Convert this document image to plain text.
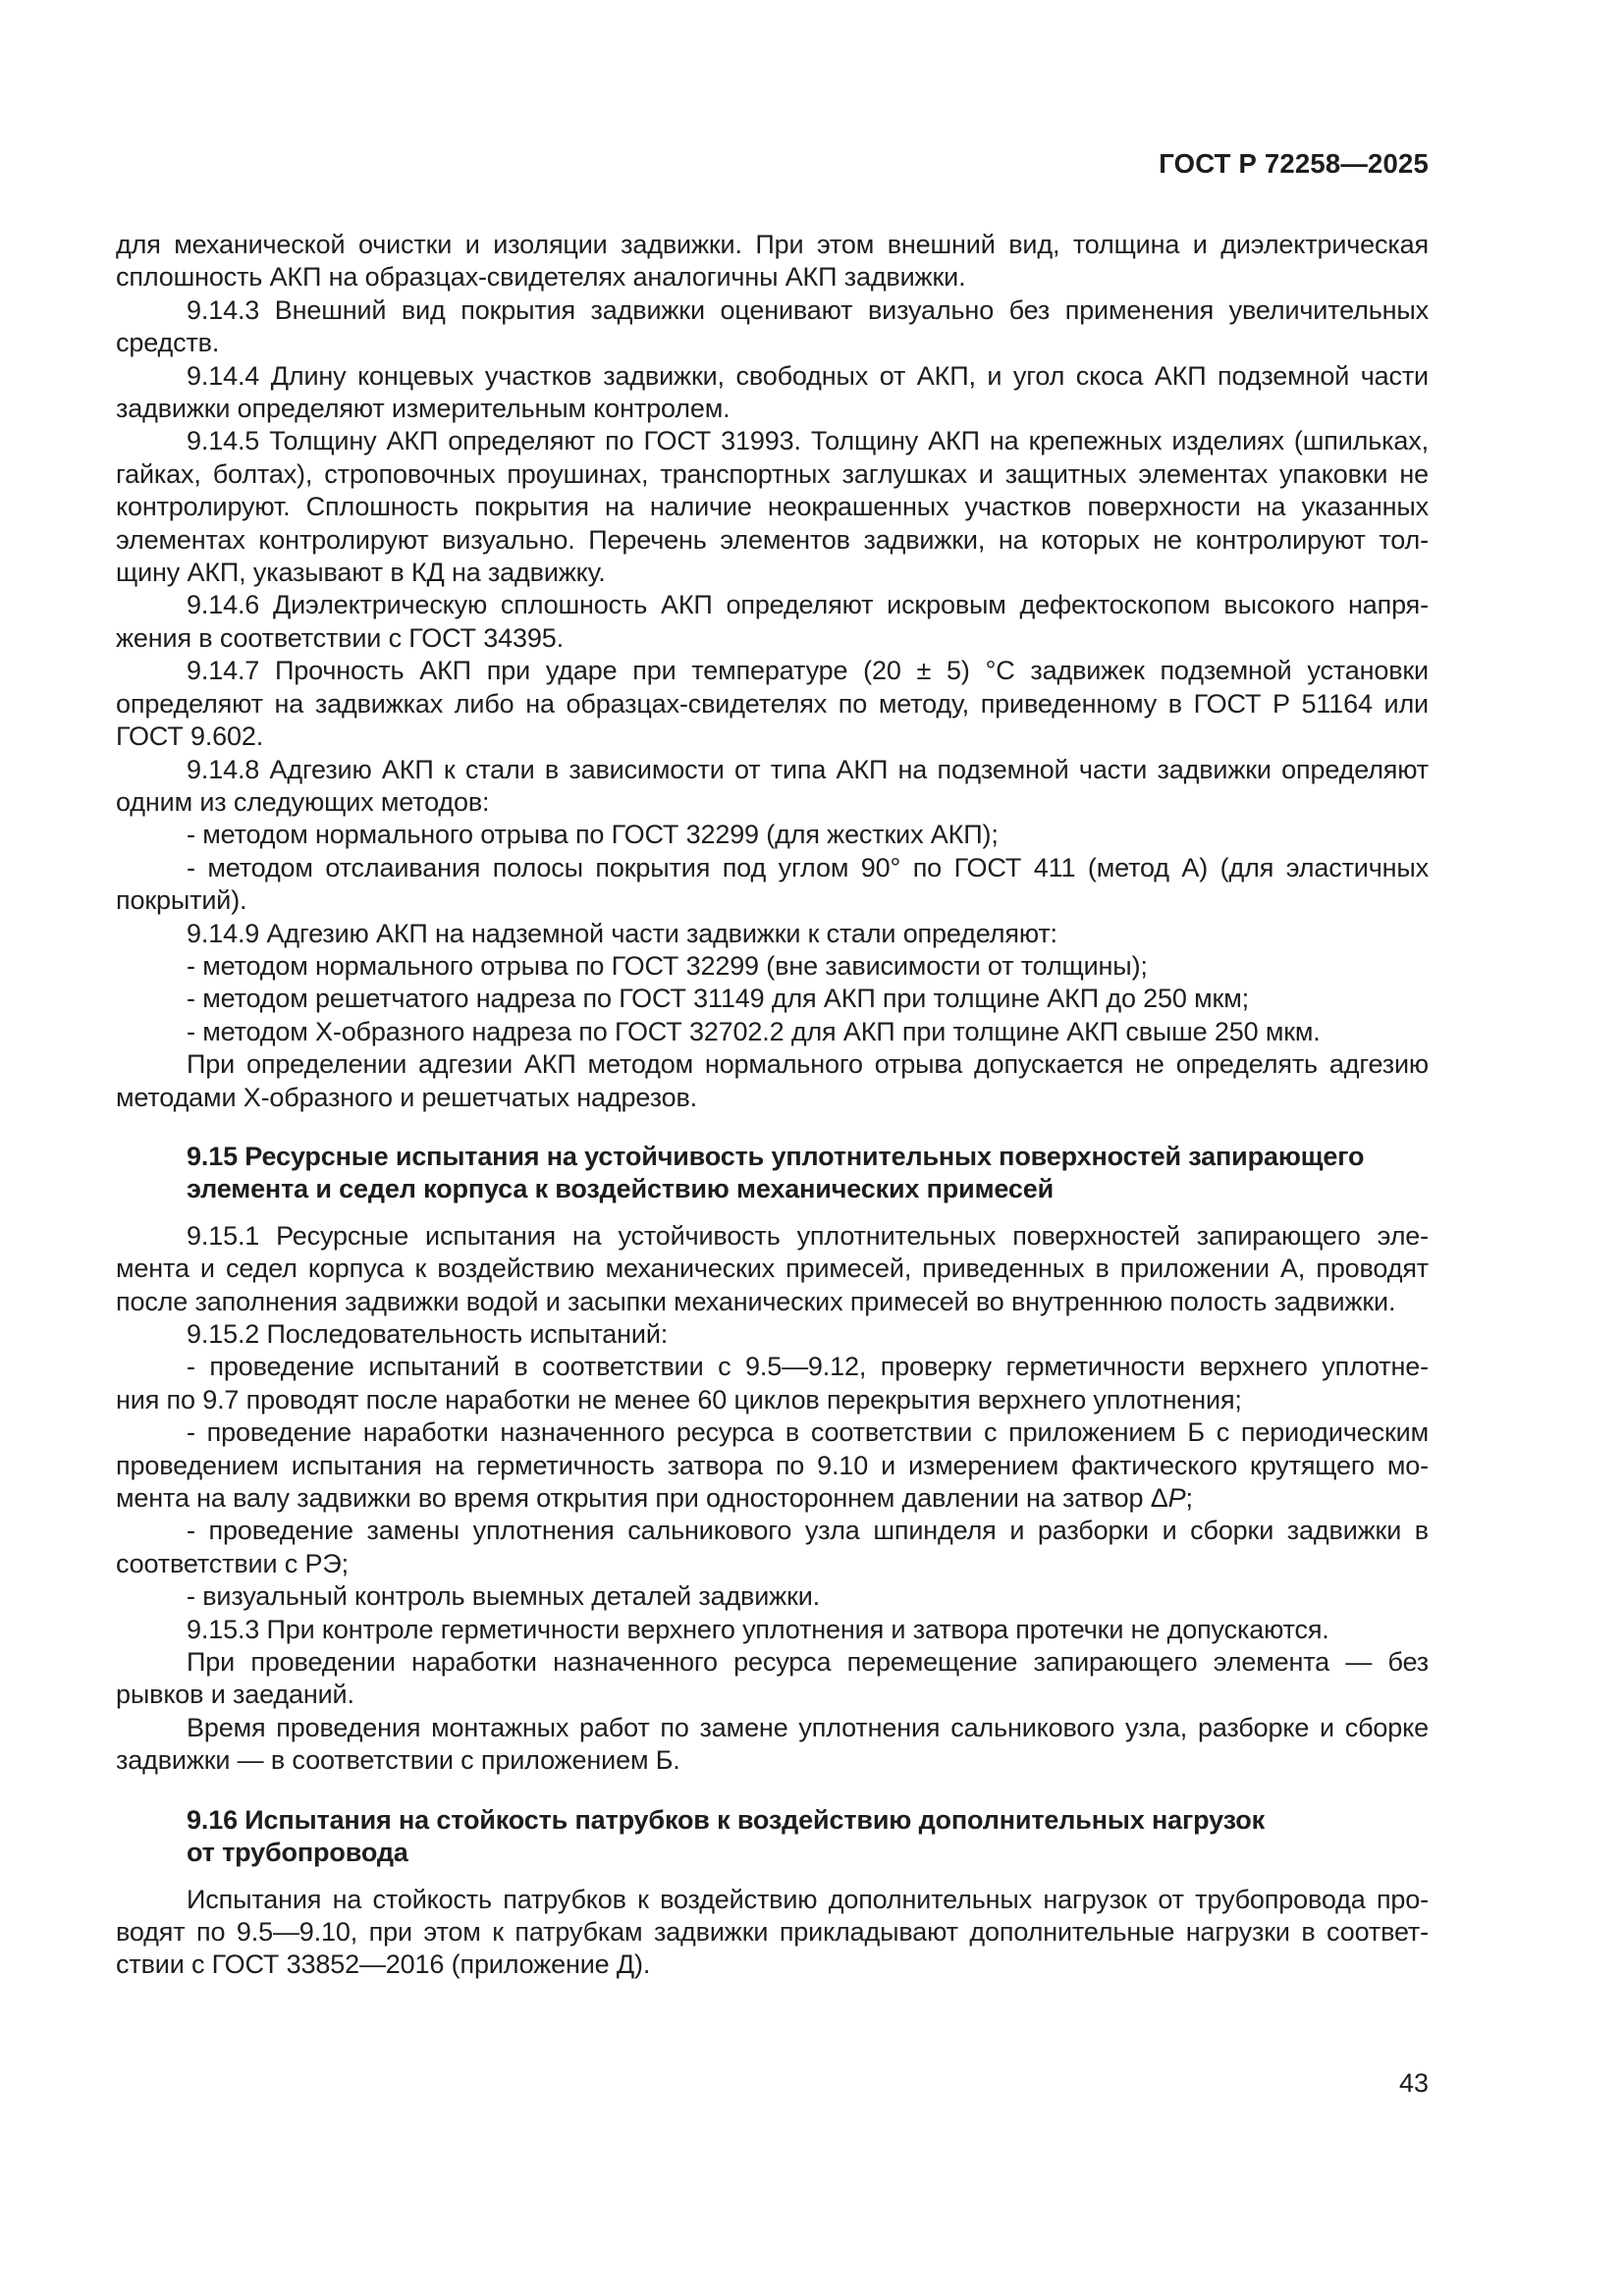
ГОСТ Р 72258—2025
для механической очистки и изоляции задвижки. При этом внешний вид, толщина и диэлектрическая
сплошность АКП на образцах-свидетелях аналогичны АКП задвижки.
9.14.3 Внешний вид покрытия задвижки оценивают визуально без применения увеличительных
средств.
9.14.4 Длину концевых участков задвижки, свободных от АКП, и угол скоса АКП подземной части
задвижки определяют измерительным контролем.
9.14.5 Толщину АКП определяют по ГОСТ 31993. Толщину АКП на крепежных изделиях (шпильках,
гайках, болтах), строповочных проушинах, транспортных заглушках и защитных элементах упаковки не
контролируют. Сплошность покрытия на наличие неокрашенных участков поверхности на указанных
элементах контролируют визуально. Перечень элементов задвижки, на которых не контролируют тол-
щину АКП, указывают в КД на задвижку.
9.14.6 Диэлектрическую сплошность АКП определяют искровым дефектоскопом высокого напря-
жения в соответствии с ГОСТ 34395.
9.14.7 Прочность АКП при ударе при температуре (20 ± 5) °С задвижек подземной установки
определяют на задвижках либо на образцах-свидетелях по методу, приведенному в ГОСТ Р 51164 или
ГОСТ 9.602.
9.14.8 Адгезию АКП к стали в зависимости от типа АКП на подземной части задвижки определяют
одним из следующих методов:
- методом нормального отрыва по ГОСТ 32299 (для жестких АКП);
- методом отслаивания полосы покрытия под углом 90° по ГОСТ 411 (метод А) (для эластичных
покрытий).
9.14.9 Адгезию АКП на надземной части задвижки к стали определяют:
- методом нормального отрыва по ГОСТ 32299 (вне зависимости от толщины);
- методом решетчатого надреза по ГОСТ 31149 для АКП при толщине АКП до 250 мкм;
- методом Х-образного надреза по ГОСТ 32702.2 для АКП при толщине АКП свыше 250 мкм.
При определении адгезии АКП методом нормального отрыва допускается не определять адгезию
методами Х-образного и решетчатых надрезов.
9.15 Ресурсные испытания на устойчивость уплотнительных поверхностей запирающего
элемента и седел корпуса к воздействию механических примесей
9.15.1 Ресурсные испытания на устойчивость уплотнительных поверхностей запирающего эле-
мента и седел корпуса к воздействию механических примесей, приведенных в приложении А, проводят
после заполнения задвижки водой и засыпки механических примесей во внутреннюю полость задвижки.
9.15.2 Последовательность испытаний:
- проведение испытаний в соответствии с 9.5—9.12, проверку герметичности верхнего уплотне-
ния по 9.7 проводят после наработки не менее 60 циклов перекрытия верхнего уплотнения;
- проведение наработки назначенного ресурса в соответствии с приложением Б с периодическим
проведением испытания на герметичность затвора по 9.10 и измерением фактического крутящего мо-
мента на валу задвижки во время открытия при одностороннем давлении на затвор ΔP;
- проведение замены уплотнения сальникового узла шпинделя и разборки и сборки задвижки в
соответствии с РЭ;
- визуальный контроль выемных деталей задвижки.
9.15.3 При контроле герметичности верхнего уплотнения и затвора протечки не допускаются.
При проведении наработки назначенного ресурса перемещение запирающего элемента — без
рывков и заеданий.
Время проведения монтажных работ по замене уплотнения сальникового узла, разборке и сборке
задвижки — в соответствии с приложением Б.
9.16 Испытания на стойкость патрубков к воздействию дополнительных нагрузок
от трубопровода
Испытания на стойкость патрубков к воздействию дополнительных нагрузок от трубопровода про-
водят по 9.5—9.10, при этом к патрубкам задвижки прикладывают дополнительные нагрузки в соответ-
ствии с ГОСТ 33852—2016 (приложение Д).
43
